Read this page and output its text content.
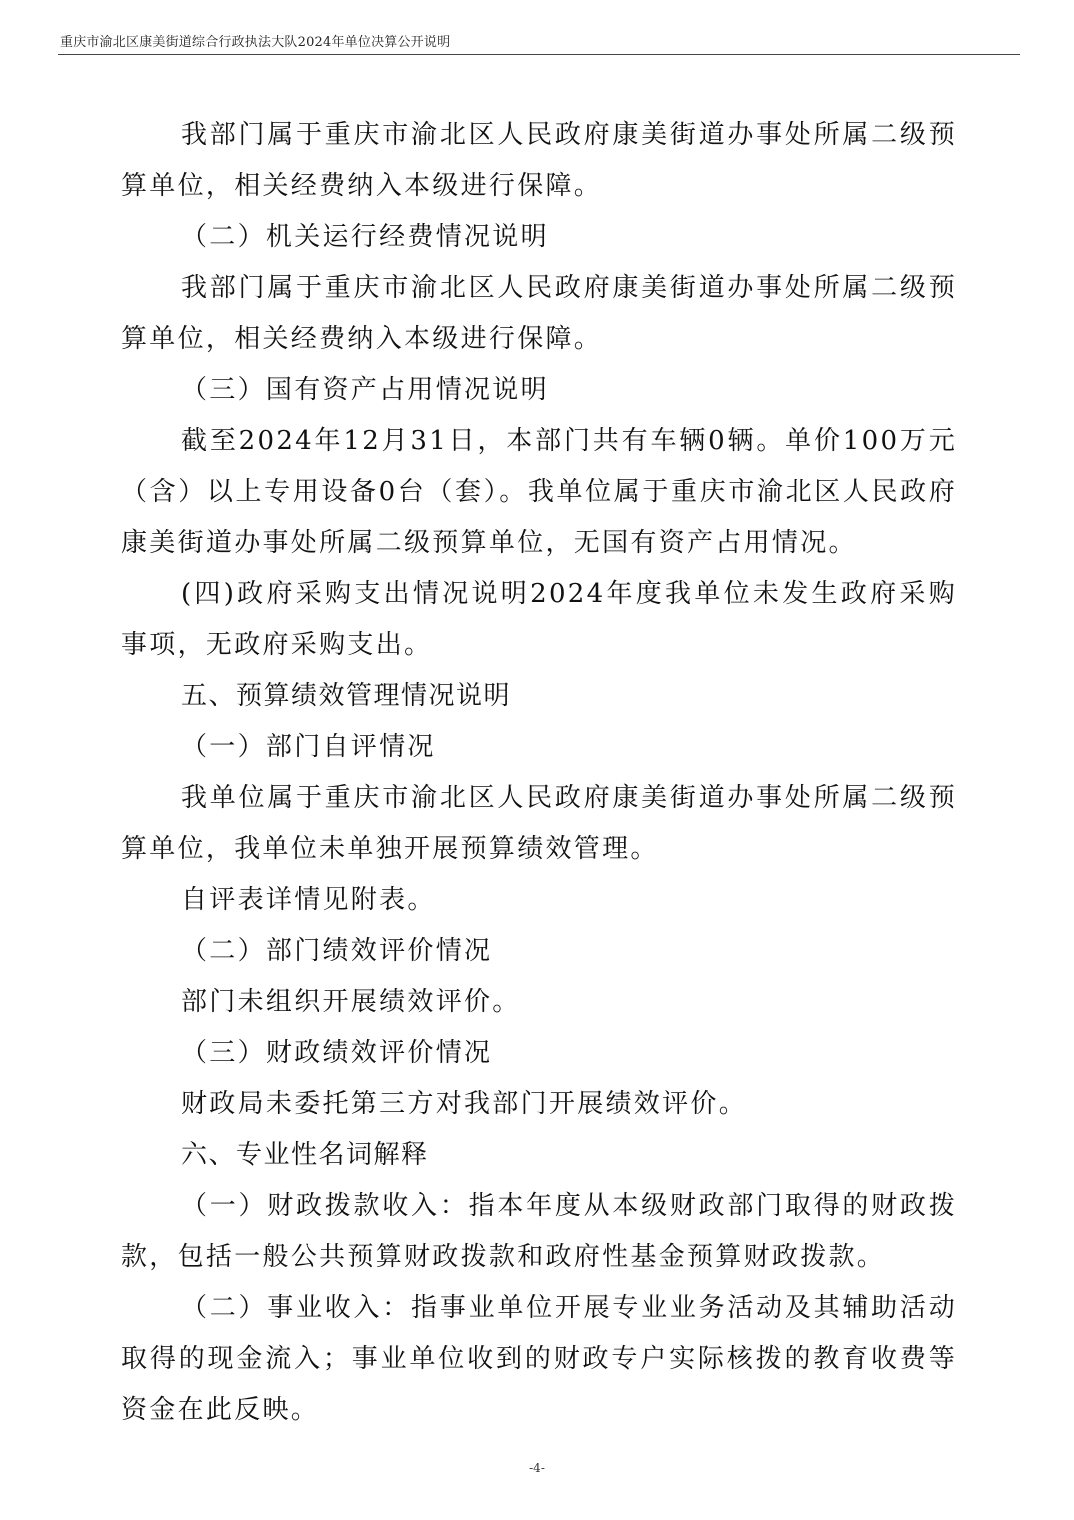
重庆市渝北区康美街道综合行政执法大队2024年单位决算公开说明

我部门属于重庆市渝北区人民政府康美街道办事处所属二级预算单位，相关经费纳入本级进行保障。

（二）机关运行经费情况说明

我部门属于重庆市渝北区人民政府康美街道办事处所属二级预算单位，相关经费纳入本级进行保障。

（三）国有资产占用情况说明

截至2024年12月31日，本部门共有车辆0辆。单价100万元（含）以上专用设备0台（套）。我单位属于重庆市渝北区人民政府康美街道办事处所属二级预算单位，无国有资产占用情况。

(四)政府采购支出情况说明2024年度我单位未发生政府采购事项，无政府采购支出。

五、预算绩效管理情况说明

（一）部门自评情况

我单位属于重庆市渝北区人民政府康美街道办事处所属二级预算单位，我单位未单独开展预算绩效管理。

自评表详情见附表。

（二）部门绩效评价情况

部门未组织开展绩效评价。

（三）财政绩效评价情况

财政局未委托第三方对我部门开展绩效评价。

六、专业性名词解释

（一）财政拨款收入：指本年度从本级财政部门取得的财政拨款，包括一般公共预算财政拨款和政府性基金预算财政拨款。

（二）事业收入：指事业单位开展专业业务活动及其辅助活动取得的现金流入；事业单位收到的财政专户实际核拨的教育收费等资金在此反映。

-4-
